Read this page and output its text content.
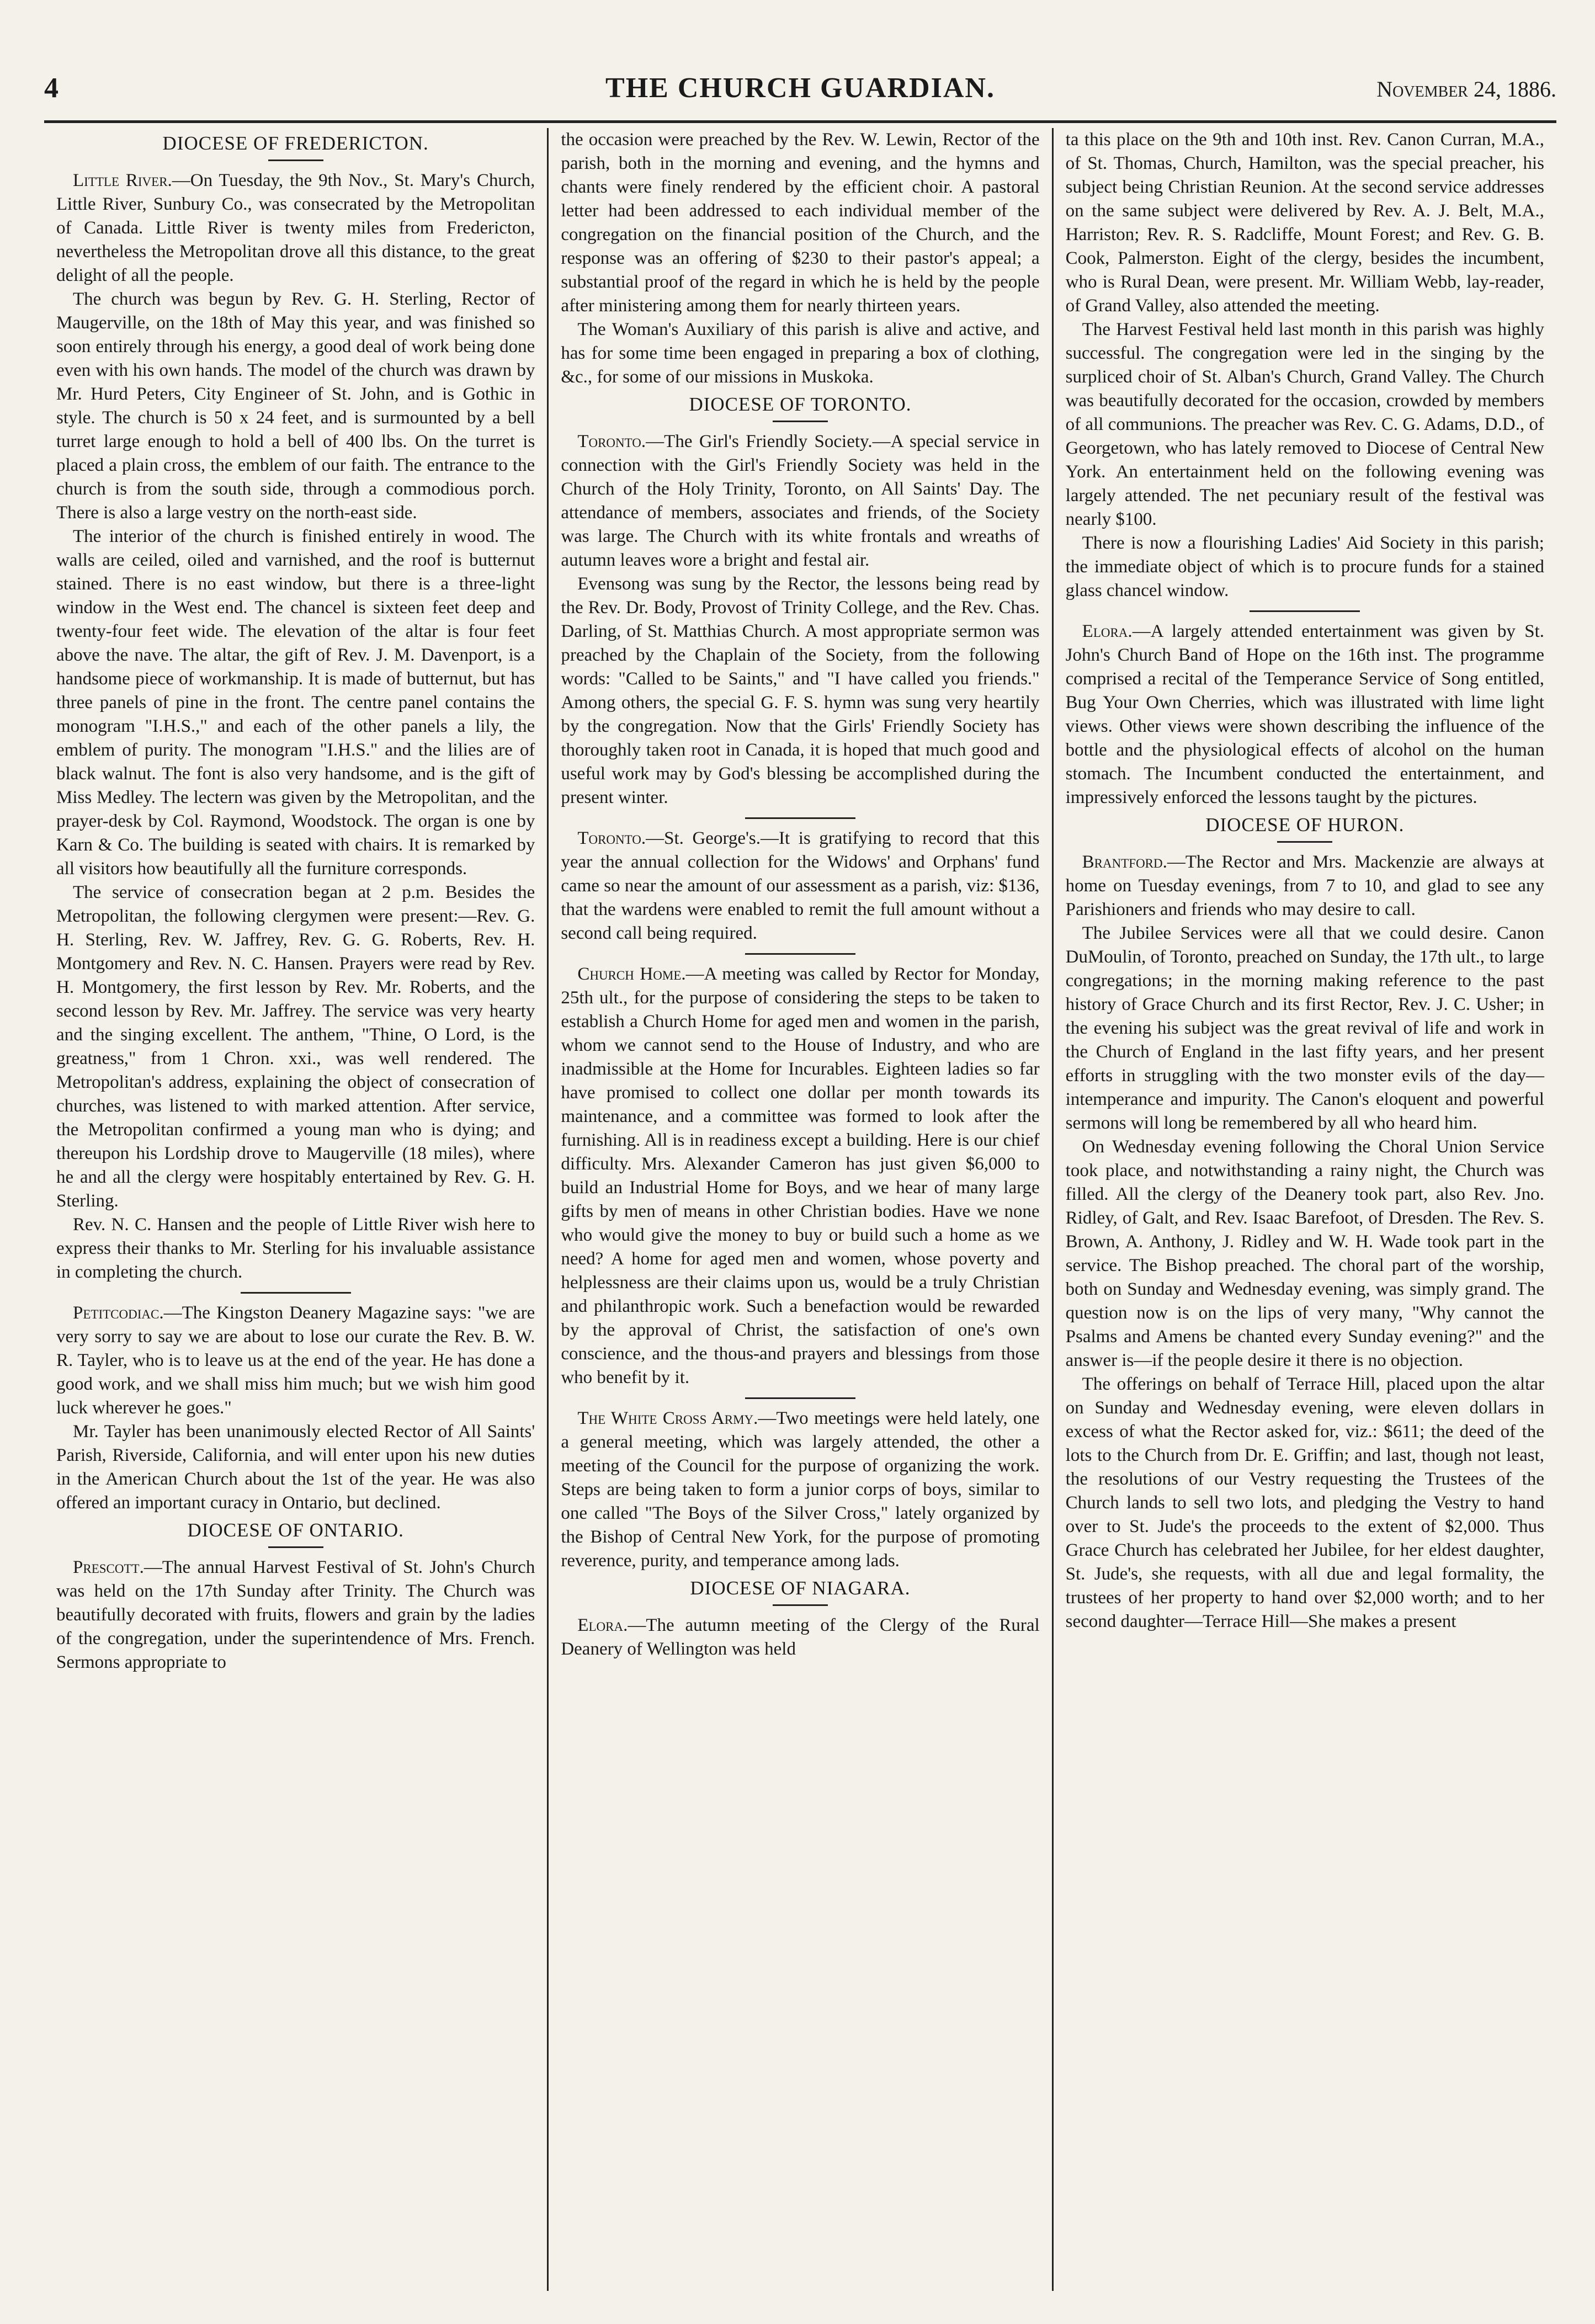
4	THE CHURCH GUARDIAN.	November 24, 1886.
DIOCESE OF FREDERICTON.

Little River.—On Tuesday, the 9th Nov., St. Mary's Church, Little River, Sunbury Co., was consecrated by the Metropolitan of Canada. Little River is twenty miles from Fredericton, nevertheless the Metropolitan drove all this distance, to the great delight of all the people.

The church was begun by Rev. G. H. Sterling, Rector of Maugerville, on the 18th of May this year, and was finished so soon entirely through his energy, a good deal of work being done even with his own hands. The model of the church was drawn by Mr. Hurd Peters, City Engineer of St. John, and is Gothic in style. The church is 50 x 24 feet, and is surmounted by a bell turret large enough to hold a bell of 400 lbs. On the turret is placed a plain cross, the emblem of our faith. The entrance to the church is from the south side, through a commodious porch. There is also a large vestry on the north-east side.

The interior of the church is finished entirely in wood. The walls are ceiled, oiled and varnished, and the roof is butternut stained. There is no east window, but there is a three-light window in the West end. The chancel is sixteen feet deep and twenty-four feet wide. The elevation of the altar is four feet above the nave. The altar, the gift of Rev. J. M. Davenport, is a handsome piece of workmanship. It is made of butternut, but has three panels of pine in the front. The centre panel contains the monogram "I.H.S.," and each of the other panels a lily, the emblem of purity. The monogram "I.H.S." and the lilies are of black walnut. The font is also very handsome, and is the gift of Miss Medley. The lectern was given by the Metropolitan, and the prayer-desk by Col. Raymond, Woodstock. The organ is one by Karn & Co. The building is seated with chairs. It is remarked by all visitors how beautifully all the furniture corresponds.

The service of consecration began at 2 p.m. Besides the Metropolitan, the following clergymen were present:—Rev. G. H. Sterling, Rev. W. Jaffrey, Rev. G. G. Roberts, Rev. H. Montgomery and Rev. N. C. Hansen. Prayers were read by Rev. H. Montgomery, the first lesson by Rev. Mr. Roberts, and the second lesson by Rev. Mr. Jaffrey. The service was very hearty and the singing excellent. The anthem, "Thine, O Lord, is the greatness," from 1 Chron. xxi., was well rendered. The Metropolitan's address, explaining the object of consecration of churches, was listened to with marked attention. After service, the Metropolitan confirmed a young man who is dying; and thereupon his Lordship drove to Maugerville (18 miles), where he and all the clergy were hospitably entertained by Rev. G. H. Sterling.

Rev. N. C. Hansen and the people of Little River wish here to express their thanks to Mr. Sterling for his invaluable assistance in completing the church.

Petitcodiac.—The Kingston Deanery Magazine says: "we are very sorry to say we are about to lose our curate the Rev. B. W. R. Tayler, who is to leave us at the end of the year. He has done a good work, and we shall miss him much; but we wish him good luck wherever he goes."

Mr. Tayler has been unanimously elected Rector of All Saints' Parish, Riverside, California, and will enter upon his new duties in the American Church about the 1st of the year. He was also offered an important curacy in Ontario, but declined.

DIOCESE OF ONTARIO.

Prescott.—The annual Harvest Festival of St. John's Church was held on the 17th Sunday after Trinity. The Church was beautifully decorated with fruits, flowers and grain by the ladies of the congregation, under the superintendence of Mrs. French. Sermons appropriate to

the occasion were preached by the Rev. W. Lewin, Rector of the parish, both in the morning and evening, and the hymns and chants were finely rendered by the efficient choir. A pastoral letter had been addressed to each individual member of the congregation on the financial position of the Church, and the response was an offering of $230 to their pastor's appeal; a substantial proof of the regard in which he is held by the people after ministering among them for nearly thirteen years.

The Woman's Auxiliary of this parish is alive and active, and has for some time been engaged in preparing a box of clothing, &c., for some of our missions in Muskoka.

DIOCESE OF TORONTO.

Toronto.—The Girl's Friendly Society.—A special service in connection with the Girl's Friendly Society was held in the Church of the Holy Trinity, Toronto, on All Saints' Day. The attendance of members, associates and friends, of the Society was large. The Church with its white frontals and wreaths of autumn leaves wore a bright and festal air.

Evensong was sung by the Rector, the lessons being read by the Rev. Dr. Body, Provost of Trinity College, and the Rev. Chas. Darling, of St. Matthias Church. A most appropriate sermon was preached by the Chaplain of the Society, from the following words: "Called to be Saints," and "I have called you friends." Among others, the special G. F. S. hymn was sung very heartily by the congregation. Now that the Girls' Friendly Society has thoroughly taken root in Canada, it is hoped that much good and useful work may by God's blessing be accomplished during the present winter.

Toronto.—St. George's.—It is gratifying to record that this year the annual collection for the Widows' and Orphans' fund came so near the amount of our assessment as a parish, viz: $136, that the wardens were enabled to remit the full amount without a second call being required.

Church Home.—A meeting was called by Rector for Monday, 25th ult., for the purpose of considering the steps to be taken to establish a Church Home for aged men and women in the parish, whom we cannot send to the House of Industry, and who are inadmissible at the Home for Incurables. Eighteen ladies so far have promised to collect one dollar per month towards its maintenance, and a committee was formed to look after the furnishing. All is in readiness except a building. Here is our chief difficulty. Mrs. Alexander Cameron has just given $6,000 to build an Industrial Home for Boys, and we hear of many large gifts by men of means in other Christian bodies. Have we none who would give the money to buy or build such a home as we need? A home for aged men and women, whose poverty and helplessness are their claims upon us, would be a truly Christian and philanthropic work. Such a benefaction would be rewarded by the approval of Christ, the satisfaction of one's own conscience, and the thous-and prayers and blessings from those who benefit by it.

The White Cross Army.—Two meetings were held lately, one a general meeting, which was largely attended, the other a meeting of the Council for the purpose of organizing the work. Steps are being taken to form a junior corps of boys, similar to one called "The Boys of the Silver Cross," lately organized by the Bishop of Central New York, for the purpose of promoting reverence, purity, and temperance among lads.

DIOCESE OF NIAGARA.

Elora.—The autumn meeting of the Clergy of the Rural Deanery of Wellington was held

ta this place on the 9th and 10th inst. Rev. Canon Curran, M.A., of St. Thomas, Church, Hamilton, was the special preacher, his subject being Christian Reunion. At the second service addresses on the same subject were delivered by Rev. A. J. Belt, M.A., Harriston; Rev. R. S. Radcliffe, Mount Forest; and Rev. G. B. Cook, Palmerston. Eight of the clergy, besides the incumbent, who is Rural Dean, were present. Mr. William Webb, lay-reader, of Grand Valley, also attended the meeting.

The Harvest Festival held last month in this parish was highly successful. The congregation were led in the singing by the surpliced choir of St. Alban's Church, Grand Valley. The Church was beautifully decorated for the occasion, crowded by members of all communions. The preacher was Rev. C. G. Adams, D.D., of Georgetown, who has lately removed to Diocese of Central New York. An entertainment held on the following evening was largely attended. The net pecuniary result of the festival was nearly $100.

There is now a flourishing Ladies' Aid Society in this parish; the immediate object of which is to procure funds for a stained glass chancel window.

Elora.—A largely attended entertainment was given by St. John's Church Band of Hope on the 16th inst. The programme comprised a recital of the Temperance Service of Song entitled, Bug Your Own Cherries, which was illustrated with lime light views. Other views were shown describing the influence of the bottle and the physiological effects of alcohol on the human stomach. The Incumbent conducted the entertainment, and impressively enforced the lessons taught by the pictures.

DIOCESE OF HURON.

Brantford.—The Rector and Mrs. Mackenzie are always at home on Tuesday evenings, from 7 to 10, and glad to see any Parishioners and friends who may desire to call.

The Jubilee Services were all that we could desire. Canon DuMoulin, of Toronto, preached on Sunday, the 17th ult., to large congregations; in the morning making reference to the past history of Grace Church and its first Rector, Rev. J. C. Usher; in the evening his subject was the great revival of life and work in the Church of England in the last fifty years, and her present efforts in struggling with the two monster evils of the day—intemperance and impurity. The Canon's eloquent and powerful sermons will long be remembered by all who heard him.

On Wednesday evening following the Choral Union Service took place, and notwithstanding a rainy night, the Church was filled. All the clergy of the Deanery took part, also Rev. Jno. Ridley, of Galt, and Rev. Isaac Barefoot, of Dresden. The Rev. S. Brown, A. Anthony, J. Ridley and W. H. Wade took part in the service. The Bishop preached. The choral part of the worship, both on Sunday and Wednesday evening, was simply grand. The question now is on the lips of very many, "Why cannot the Psalms and Amens be chanted every Sunday evening?" and the answer is—if the people desire it there is no objection.

The offerings on behalf of Terrace Hill, placed upon the altar on Sunday and Wednesday evening, were eleven dollars in excess of what the Rector asked for, viz.: $611; the deed of the lots to the Church from Dr. E. Griffin; and last, though not least, the resolutions of our Vestry requesting the Trustees of the Church lands to sell two lots, and pledging the Vestry to hand over to St. Jude's the proceeds to the extent of $2,000. Thus Grace Church has celebrated her Jubilee, for her eldest daughter, St. Jude's, she requests, with all due and legal formality, the trustees of her property to hand over $2,000 worth; and to her second daughter—Terrace Hill—She makes a present
